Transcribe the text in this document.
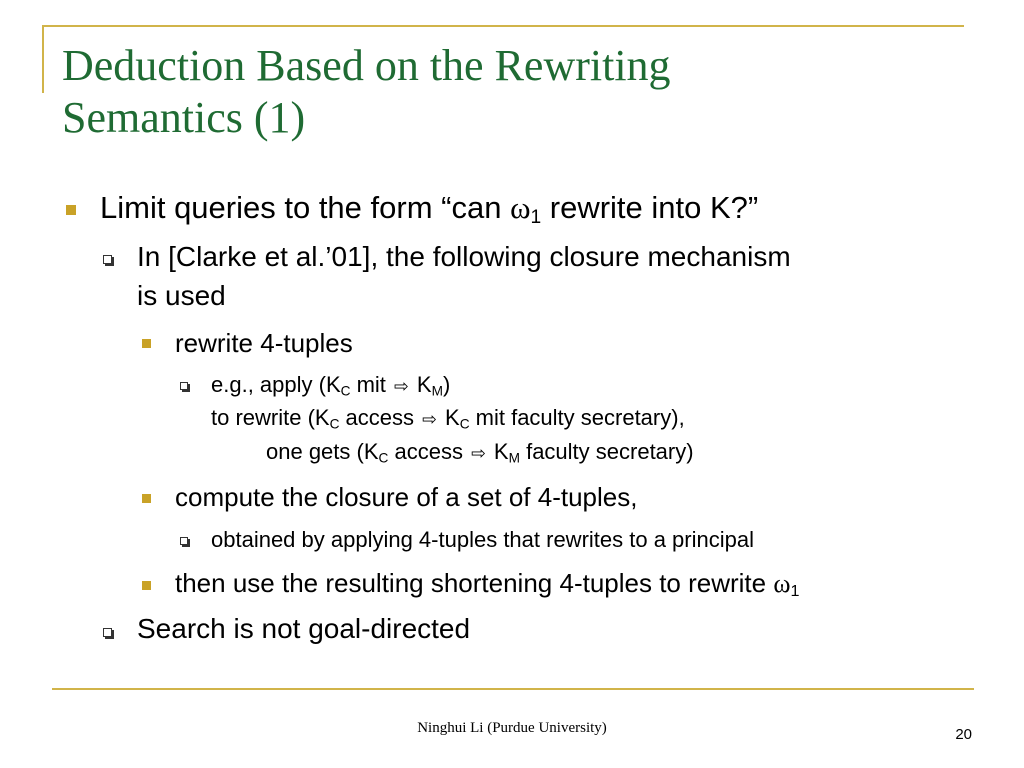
Deduction Based on the Rewriting
Semantics (1)
Limit queries to the form “can $\omega_1$ rewrite into K?”
In [Clarke et al.’01], the following closure mechanism
is used
rewrite 4-tuples
e.g., apply ($K_C$ mit ⇨ $K_M$)
to rewrite ($K_C$ access ⇨ $K_C$ mit faculty secretary),
one gets ($K_C$ access ⇨ $K_M$ faculty secretary)
compute the closure of a set of 4-tuples,
obtained by applying 4-tuples that rewrites to a principal
then use the resulting shortening 4-tuples to rewrite $\omega_1$
Search is not goal-directed
Ninghui Li (Purdue University)	20
